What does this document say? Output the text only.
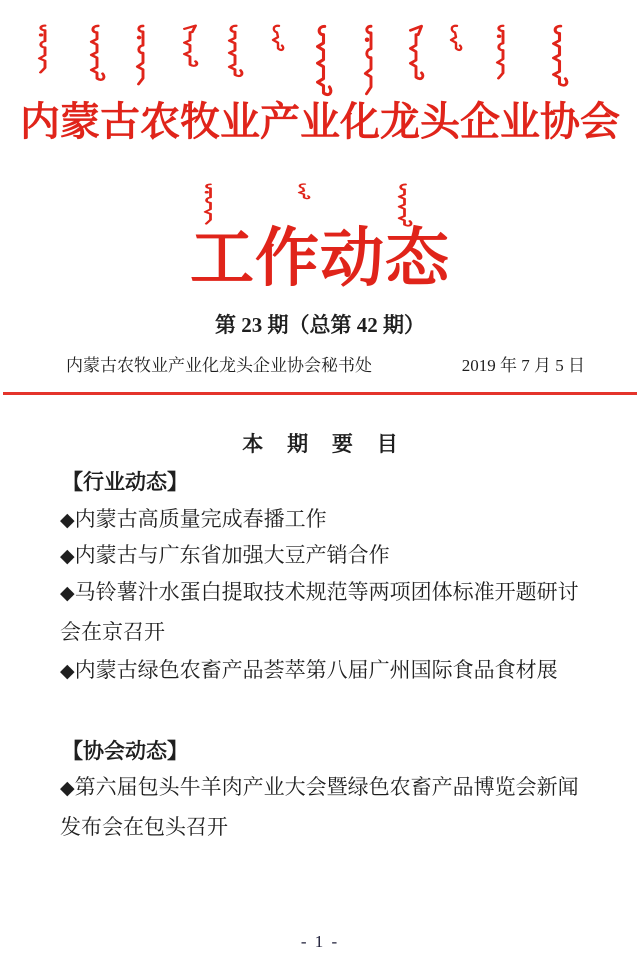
内蒙古农牧业产业化龙头企业协会
工作动态
第 23 期（总第 42 期）
内蒙古农牧业产业化龙头企业协会秘书处	2019 年 7 月 5 日
本 期 要 目
【行业动态】
◆内蒙古高质量完成春播工作
◆内蒙古与广东省加强大豆产销合作
◆马铃薯汁水蛋白提取技术规范等两项团体标准开题研讨会在京召开
◆内蒙古绿色农畜产品荟萃第八届广州国际食品食材展
【协会动态】
◆第六届包头牛羊肉产业大会暨绿色农畜产品博览会新闻发布会在包头召开
- 1 -
